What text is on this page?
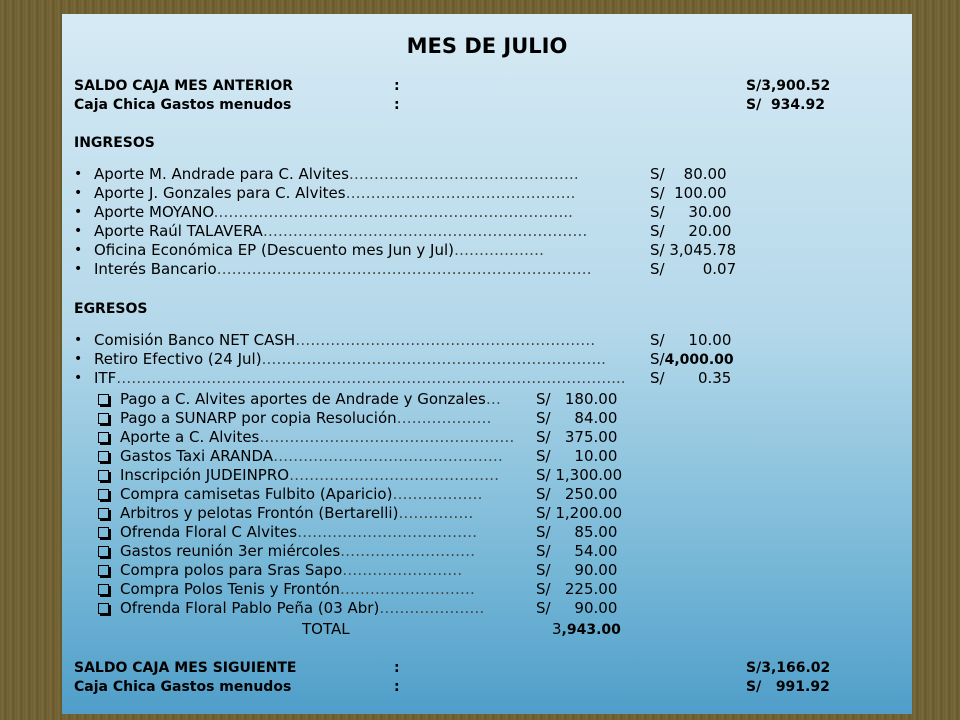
MES DE JULIO
SALDO CAJA MES ANTERIOR	:	S/3,900.52
Caja Chica Gastos menudos	:	S/  934.92
INGRESOS
• Aporte M. Andrade para C. Alvites……………………………………….	S/    80.00
• Aporte J. Gonzales para C. Alvites……………………………………….	S/  100.00
• Aporte MOYANO.……………………………………………………………..	S/     30.00
• Aporte Raúl TALAVERA……………………………..…………………………	S/     20.00
• Oficina Económica EP (Descuento mes Jun y Jul)………………	S/ 3,045.78
• Interés Bancario…………………………………………………………………	S/        0.07
EGRESOS
• Comisión Banco NET CASH……………………………………………………	S/     10.00
• Retiro Efectivo (24 Jul).…………………………………………………………..	S/4,000.00
• ITF………………………………………………………………………………………... S/       0.35
Pago a C. Alvites aportes de Andrade y Gonzales… S/   180.00
Pago a SUNARP por copia Resolución…….…………	S/     84.00
Aporte a C. Alvites…………………………………………… S/   375.00
Gastos Taxi ARANDA…………………………….………… S/     10.00
Inscripción JUDEINPRO…………………………………… S/ 1,300.00
Compra camisetas Fulbito (Aparicio)………………	S/   250.00
Arbitros y pelotas Frontón (Bertarelli)……………	S/ 1,200.00
Ofrenda Floral C Alvites………………………………	S/     85.00
Gastos reunión 3er miércoles………………………	S/     54.00
Compra polos para Sras Sapo……………………	S/     90.00
Compra Polos Tenis y Frontón………………………	S/   225.00
Ofrenda Floral Pablo Peña (03 Abr)…………………	S/     90.00
TOTAL	3,943.00
SALDO CAJA MES SIGUIENTE	:	S/3,166.02
Caja Chica Gastos menudos	:	S/   991.92
